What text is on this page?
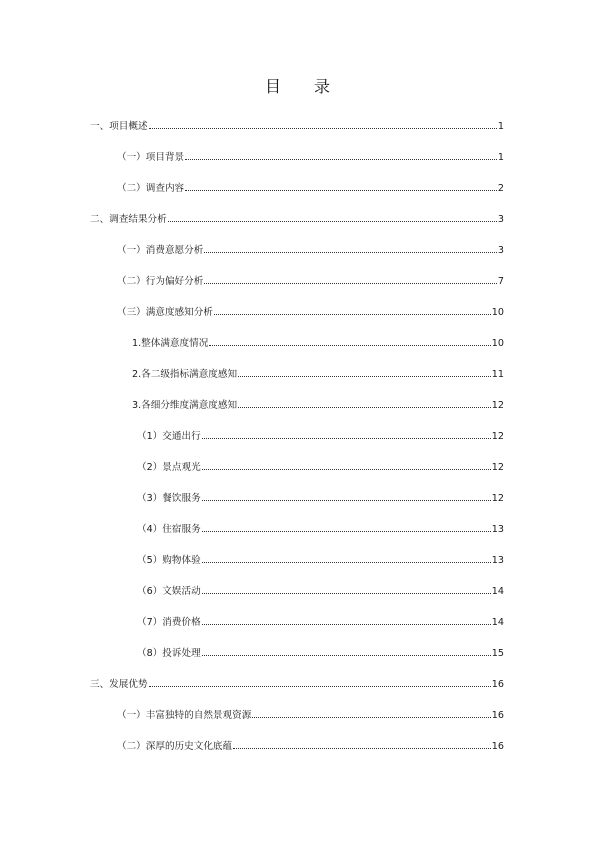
目 录
一、项目概述	1
（一）项目背景	1
（二）调查内容	2
二、调查结果分析	3
（一）消费意愿分析	3
（二）行为偏好分析	7
（三）满意度感知分析	10
1.整体满意度情况	10
2.各二级指标满意度感知	11
3.各细分维度满意度感知	12
（1）交通出行	12
（2）景点观光	12
（3）餐饮服务	12
（4）住宿服务	13
（5）购物体验	13
（6）文娱活动	14
（7）消费价格	14
（8）投诉处理	15
三、发展优势	16
（一）丰富独特的自然景观资源	16
（二）深厚的历史文化底蕴	16
